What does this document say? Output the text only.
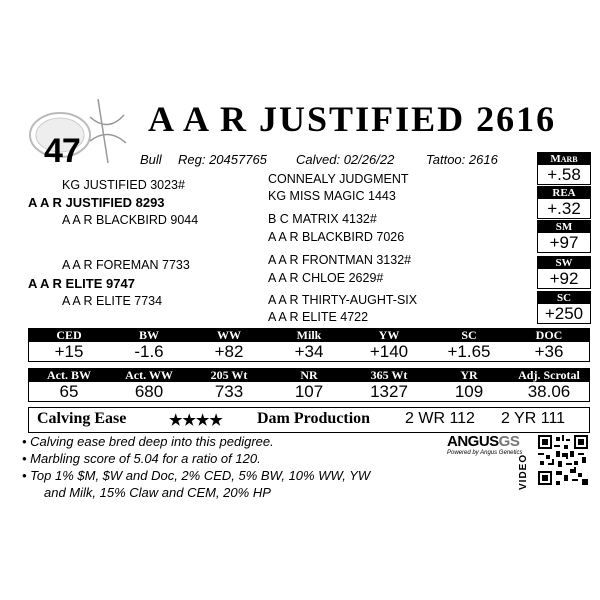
47
A A R JUSTIFIED 2616
Bull Reg: 20457765 Calved: 02/26/22 Tattoo: 2616
KG JUSTIFIED 3023#
A A R JUSTIFIED 8293
A A R BLACKBIRD 9044
A A R FOREMAN 7733
A A R ELITE 9747
A A R ELITE 7734
CONNEALY JUDGMENT
KG MISS MAGIC 1443
B C MATRIX 4132#
A A R BLACKBIRD 7026
A A R FRONTMAN 3132#
A A R CHLOE 2629#
A A R THIRTY-AUGHT-SIX
A A R ELITE 4722
Marb
+.58
REA
+.32
SM
+97
SW
+92
SC
+250
CED	BW	WW	Milk	YW	SC	DOC
+15	-1.6	+82	+34	+140	+1.65	+36
Act. BW	Act. WW	205 Wt	NR	365 Wt	YR	Adj. Scrotal
65	680	733	107	1327	109	38.06
Calving Ease	★★★★ Dam Production 2 WR 112 2 YR 111
• Calving ease bred deep into this pedigree.
• Marbling score of 5.04 for a ratio of 120.
• Top 1% $M, $W and Doc, 2% CED, 5% BW, 10% WW, YW
and Milk, 15% Claw and CEM, 20% HP
ANGUSGS
Powered by Angus Genetics
VIDEO
